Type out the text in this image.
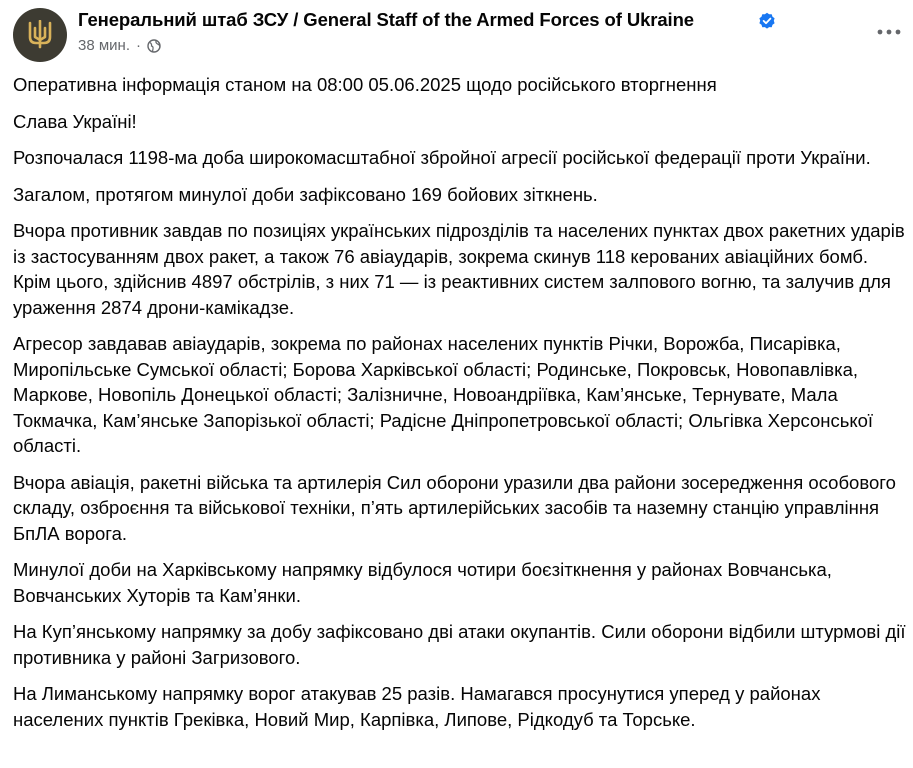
Генеральний штаб ЗСУ / General Staff of the Armed Forces of Ukraine
38 мин. ·

Оперативна інформація станом на 08:00 05.06.2025 щодо російського вторгнення

Слава Україні!

Розпочалася 1198-ма доба широкомасштабної збройної агресії російської федерації проти України.

Загалом, протягом минулої доби зафіксовано 169 бойових зіткнень.

Вчора противник завдав по позиціях українських підрозділів та населених пунктах двох ракетних ударів із застосуванням двох ракет, а також 76 авіаударів, зокрема скинув 118 керованих авіаційних бомб. Крім цього, здійснив 4897 обстрілів, з них 71 — із реактивних систем залпового вогню, та залучив для ураження 2874 дрони-камікадзе.

Агресор завдавав авіаударів, зокрема по районах населених пунктів Річки, Ворожба, Писарівка, Миропільське Сумської області; Борова Харківської області; Родинське, Покровськ, Новопавлівка, Маркове, Новопіль Донецької області; Залізничне, Новоандріївка, Кам’янське, Тернувате, Мала Токмачка, Кам’янське Запорізької області; Радісне Дніпропетровської області; Ольгівка Херсонської області.

Вчора авіація, ракетні війська та артилерія Сил оборони уразили два райони зосередження особового складу, озброєння та військової техніки, п’ять артилерійських засобів та наземну станцію управління БпЛА ворога.

Минулої доби на Харківському напрямку відбулося чотири боєзіткнення у районах Вовчанська, Вовчанських Хуторів та Кам’янки.

На Куп’янському напрямку за добу зафіксовано дві атаки окупантів. Сили оборони відбили штурмові дії противника у районі Загризового.

На Лиманському напрямку ворог атакував 25 разів. Намагався просунутися уперед у районах населених пунктів Греківка, Новий Мир, Карпівка, Липове, Рідкодуб та Торське.
